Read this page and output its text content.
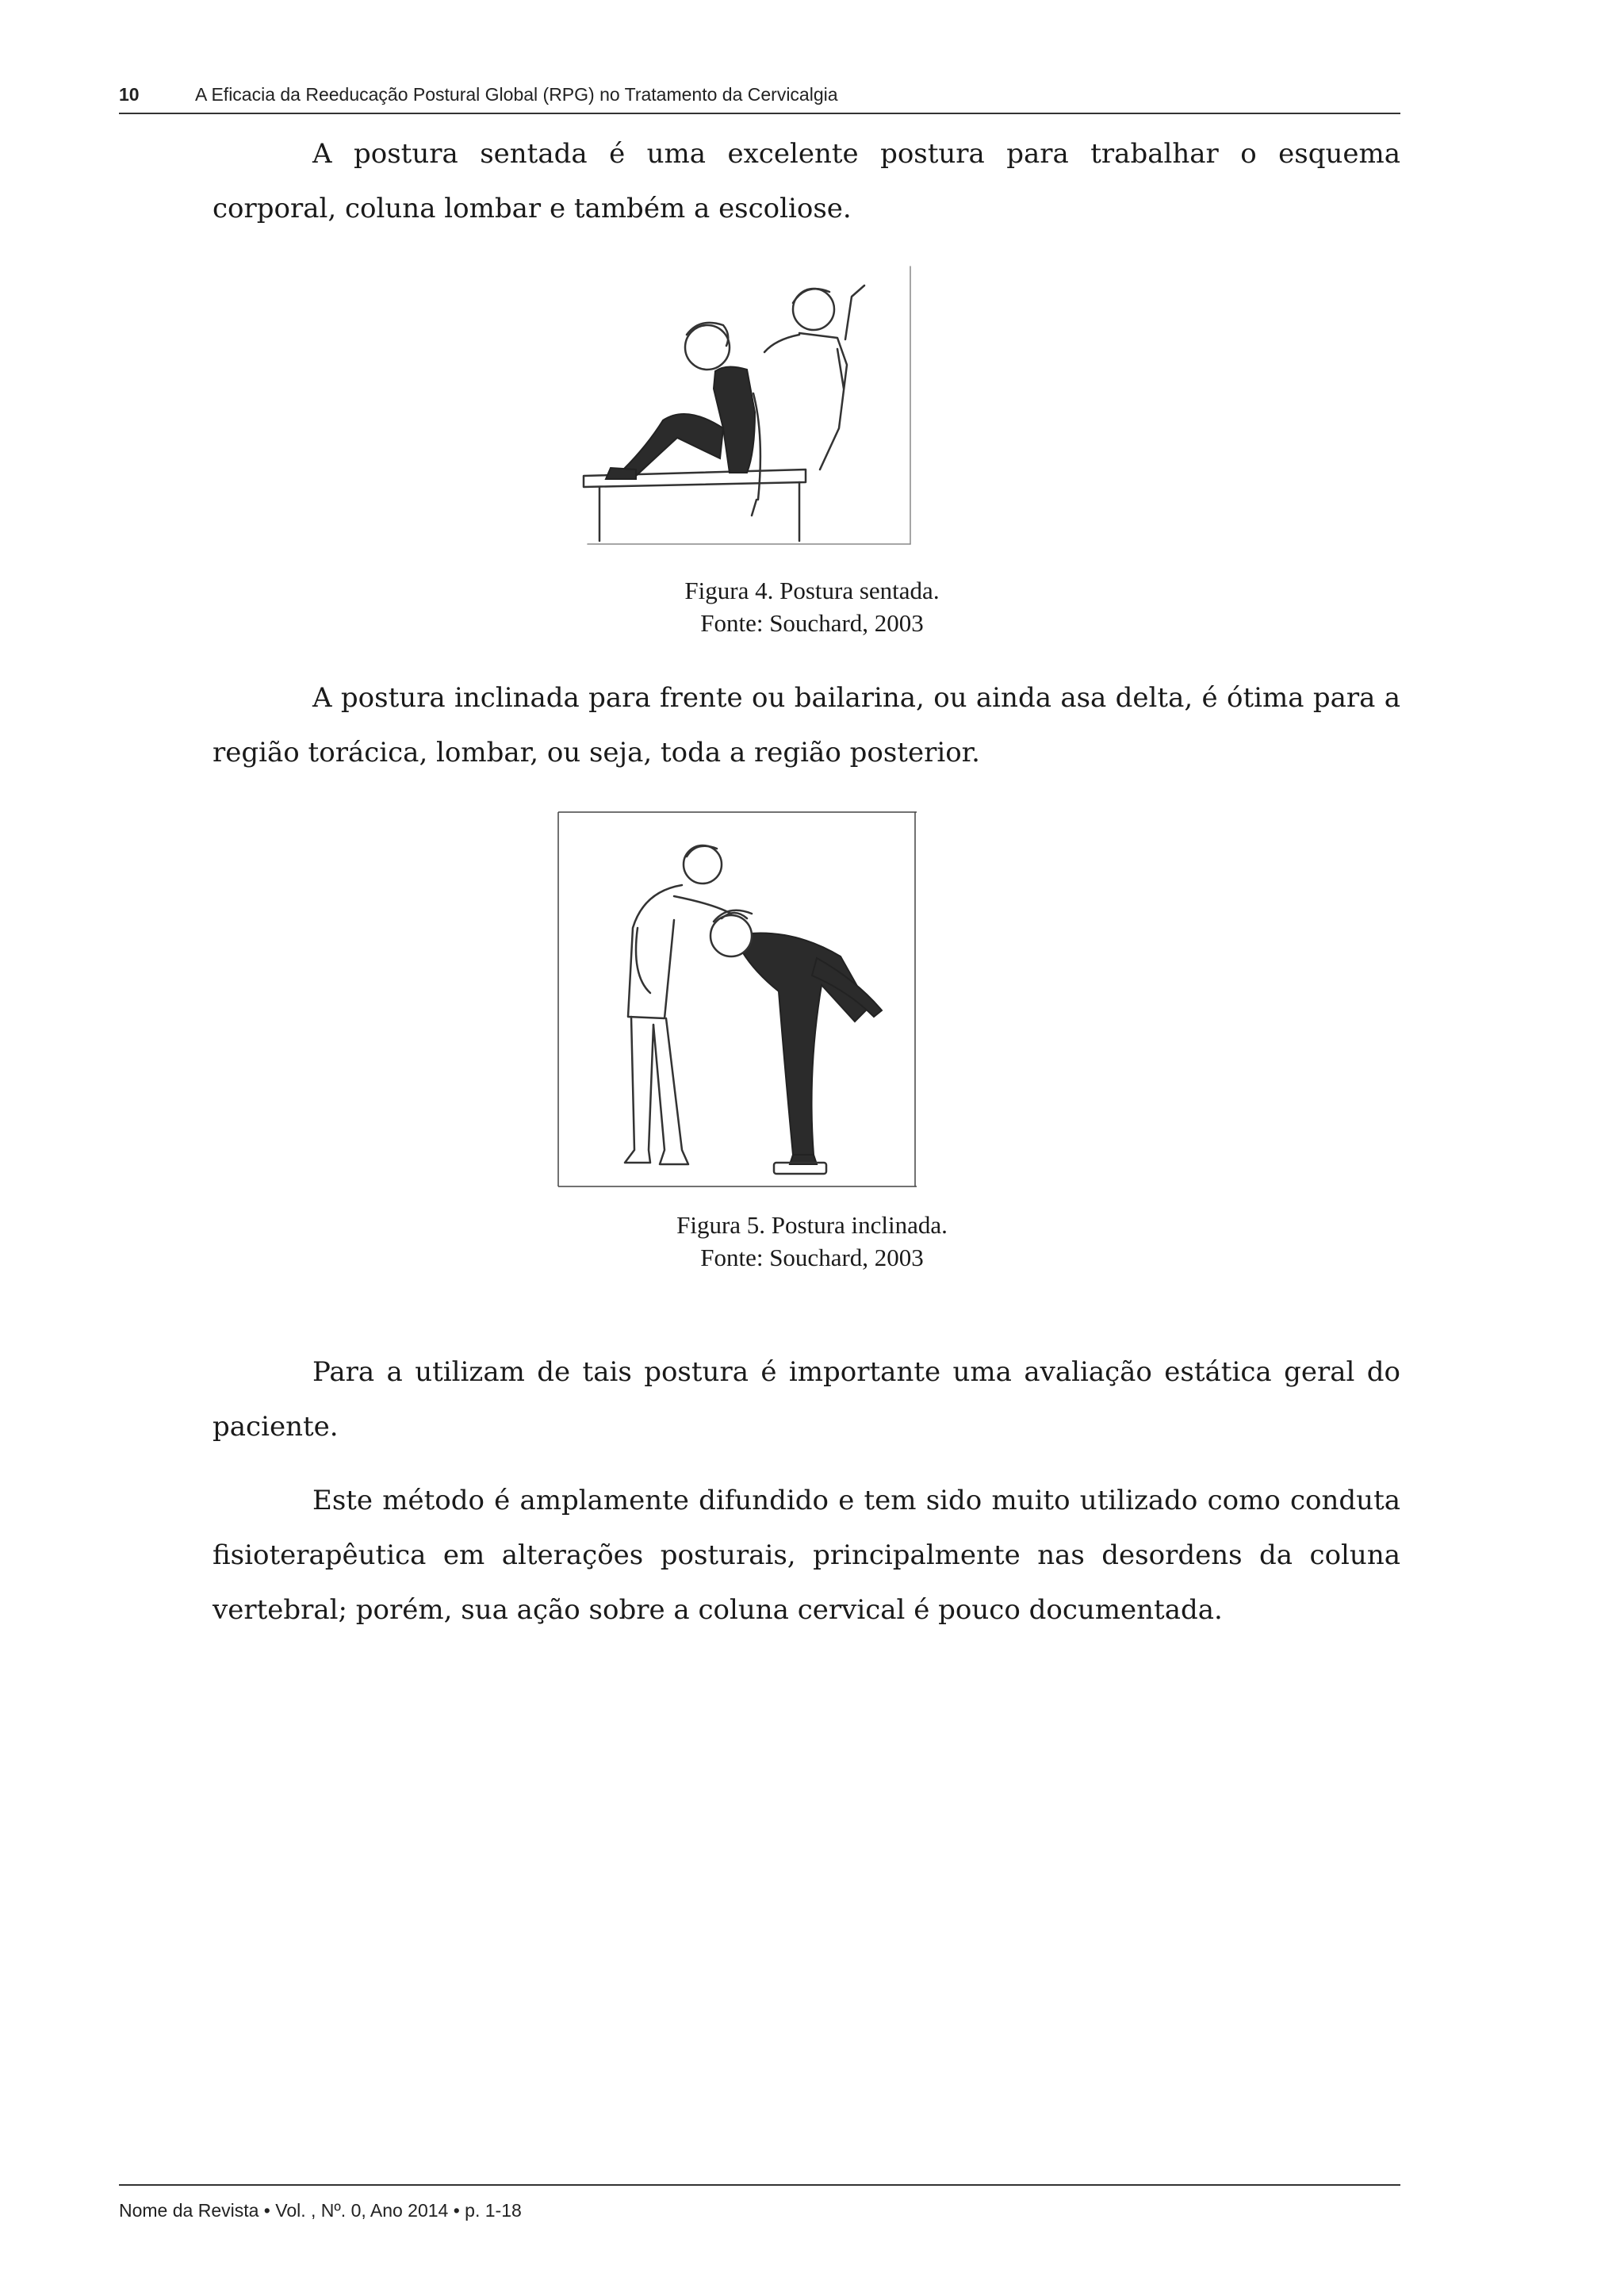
10	A Eficacia da Reeducação Postural Global (RPG) no Tratamento da Cervicalgia

A postura sentada é uma excelente postura para trabalhar o esquema corporal, coluna lombar e também a escoliose.

Figura 4. Postura sentada.
Fonte: Souchard, 2003

A postura inclinada para frente ou bailarina, ou ainda asa delta, é ótima para a região torácica, lombar, ou seja, toda a região posterior.

Figura 5. Postura inclinada.
Fonte: Souchard, 2003

Para a utilizam de tais postura é importante uma avaliação estática geral do paciente.

Este método é amplamente difundido e tem sido muito utilizado como conduta fisioterapêutica em alterações posturais, principalmente nas desordens da coluna vertebral; porém, sua ação sobre a coluna cervical é pouco documentada.

Nome da Revista • Vol. , Nº. 0, Ano 2014 • p. 1-18
